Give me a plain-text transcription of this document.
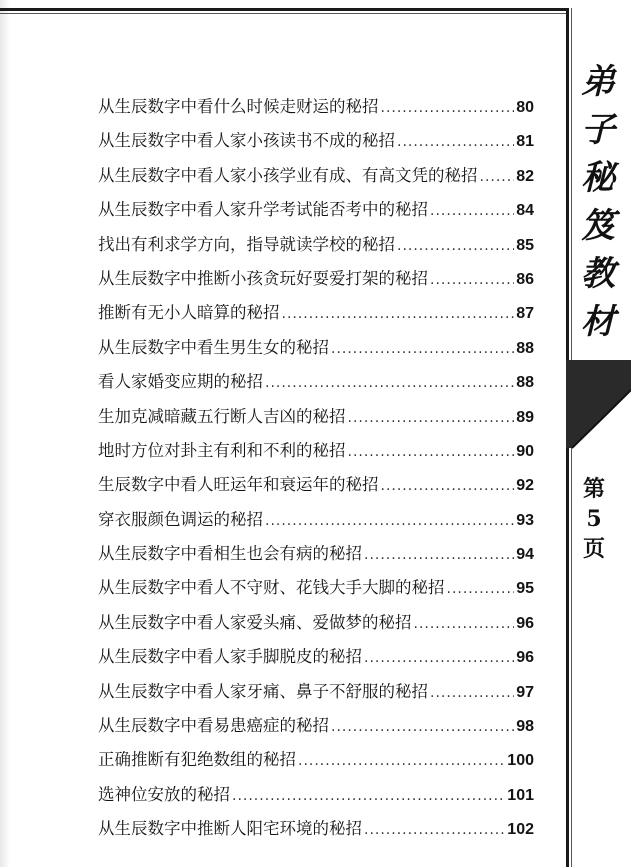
弟
子
秘
笈
教
材
第
5
页
从生辰数字中看什么时候走财运的秘招 .....	80
从生辰数字中看人家小孩读书不成的秘招 .....	81
从生辰数字中看人家小孩学业有成、有高文凭的秘招 ..... 82
从生辰数字中看人家升学考试能否考中的秘招 .....	84
找出有利求学方向，指导就读学校的秘招 .....	85
从生辰数字中推断小孩贪玩好耍爱打架的秘招 .....	86
推断有无小人暗算的秘招 .....	87
从生辰数字中看生男生女的秘招 .....	88
看人家婚变应期的秘招 .....	88
生加克减暗藏五行断人吉凶的秘招 .....	89
地时方位对卦主有利和不利的秘招 .....	90
生辰数字中看人旺运年和衰运年的秘招 .....	92
穿衣服颜色调运的秘招 .....	93
从生辰数字中看相生也会有病的秘招 .....	94
从生辰数字中看人不守财、花钱大手大脚的秘招 .....	95
从生辰数字中看人家爱头痛、爱做梦的秘招 .....	96
从生辰数字中看人家手脚脱皮的秘招 .....	96
从生辰数字中看人家牙痛、鼻子不舒服的秘招 .....	97
从生辰数字中看易患癌症的秘招 .....	98
正确推断有犯绝数组的秘招 .....	100
选神位安放的秘招 .....	101
从生辰数字中推断人阳宅环境的秘招 .....	102
